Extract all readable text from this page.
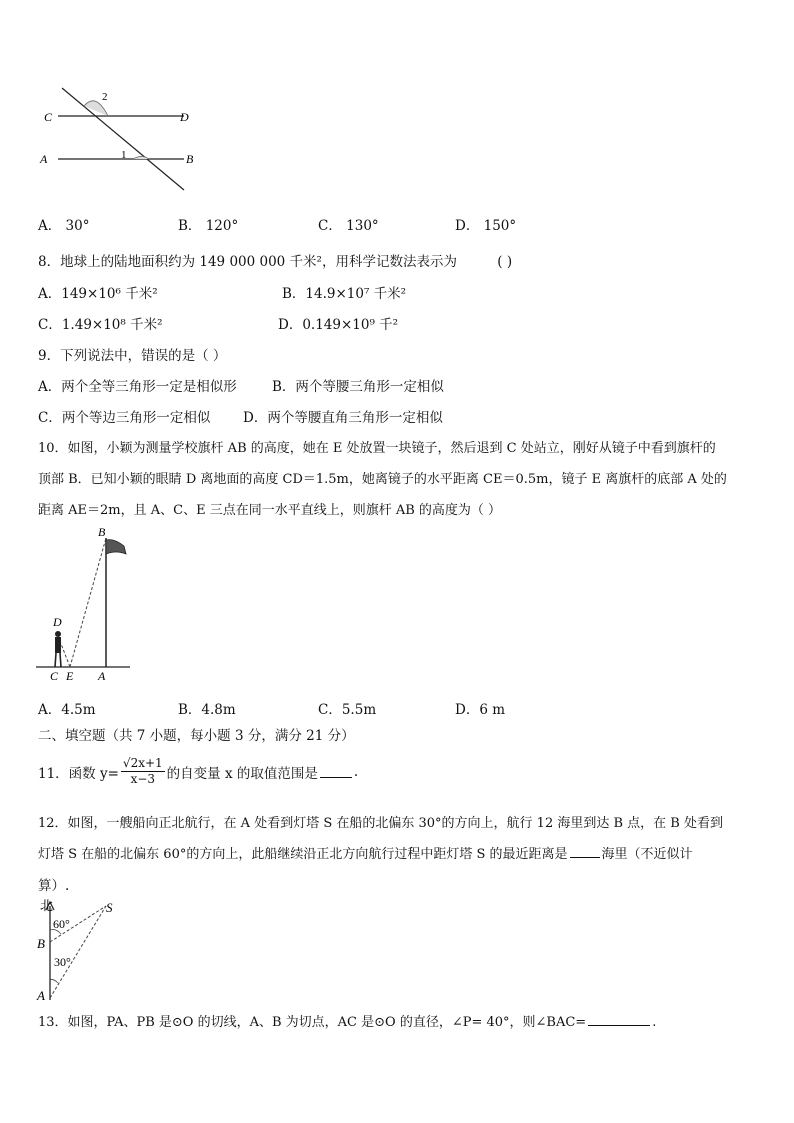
C	D
A	B
1
2
A． 30°	B． 120°	C． 130°	D． 150°
8．地球上的陆地面积约为 149 000 000 千米²，用科学记数法表示为	( )
A．149×10⁶ 千米²	B．14.9×10⁷ 千米²
C．1.49×10⁸ 千米²	D．0.149×10⁹ 千²
9．下列说法中，错误的是（ ）
A．两个全等三角形一定是相似形	B．两个等腰三角形一定相似
C．两个等边三角形一定相似 D．两个等腰直角三角形一定相似
10．如图，小颖为测量学校旗杆 AB 的高度，她在 E 处放置一块镜子，然后退到 C 处站立，刚好从镜子中看到旗杆的
顶部 B．已知小颖的眼睛 D 离地面的高度 CD＝1.5m，她离镜子的水平距离 CE＝0.5m，镜子 E 离旗杆的底部 A 处的
距离 AE＝2m，且 A、C、E 三点在同一水平直线上，则旗杆 AB 的高度为（ ）
B
D
C E A
A．4.5m	B．4.8m	C．5.5m	D．6 m
二、填空题（共 7 小题，每小题 3 分，满分 21 分）
11．函数 $y= \frac{√2x+1}{x-3}$ 的自变量 x 的取值范围是	.
12．如图，一艘船向正北航行，在 A 处看到灯塔 S 在船的北偏东 30°的方向上，航行 12 海里到达 B 点，在 B 处看到
灯塔 S 在船的北偏东 60°的方向上，此船继续沿正北方向航行过程中距灯塔 S 的最近距离是	海里（不近似计
算）.
北	S
B
A
60°
30°
13．如图，PA、PB 是⊙O 的切线，A、B 为切点，AC 是⊙O 的直径，∠P= 40°，则∠BAC=	.
